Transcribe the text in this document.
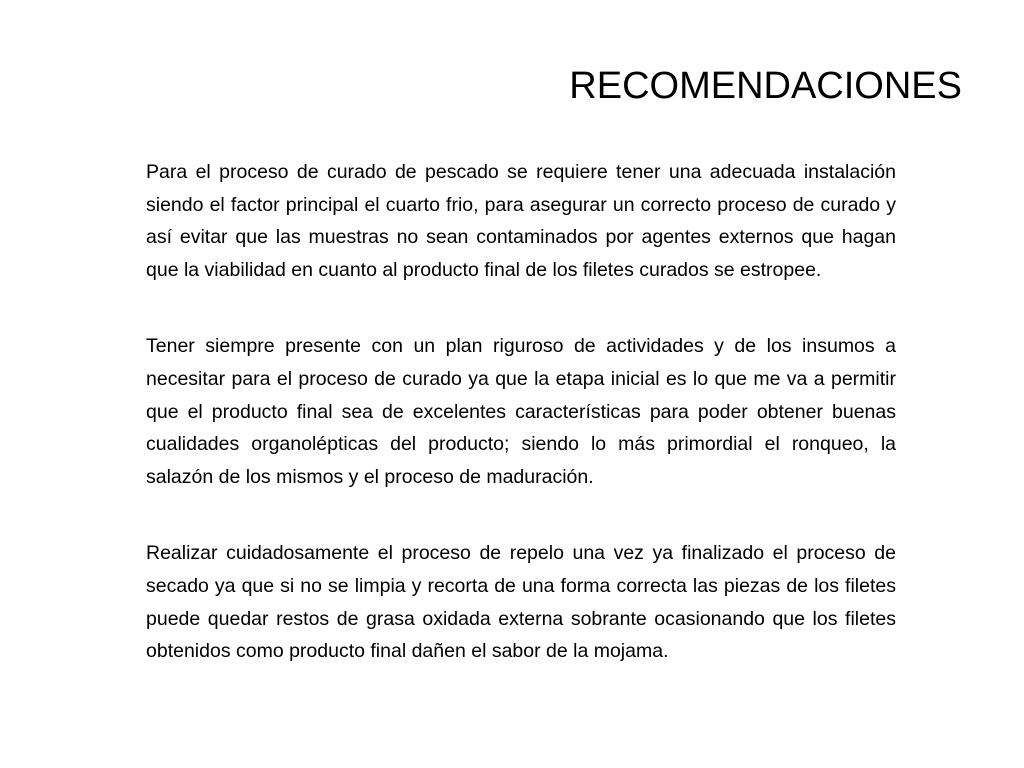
RECOMENDACIONES

Para el proceso de curado de pescado se requiere tener una adecuada instalación siendo el factor principal el cuarto frio, para asegurar un correcto proceso de curado y así evitar que las muestras no sean contaminados por agentes externos que hagan que la viabilidad en cuanto al producto final de los filetes curados se estropee.

Tener siempre presente con un plan riguroso de actividades y de los insumos a necesitar para el proceso de curado ya que la etapa inicial es lo que me va a permitir que el producto final sea de excelentes características para poder obtener buenas cualidades organolépticas del producto; siendo lo más primordial el ronqueo, la salazón de los mismos y el proceso de maduración.

Realizar cuidadosamente el proceso de repelo una vez ya finalizado el proceso de secado ya que si no se limpia y recorta de una forma correcta las piezas de los filetes puede quedar restos de grasa oxidada externa sobrante ocasionando que los filetes obtenidos como producto final dañen el sabor de la mojama.
